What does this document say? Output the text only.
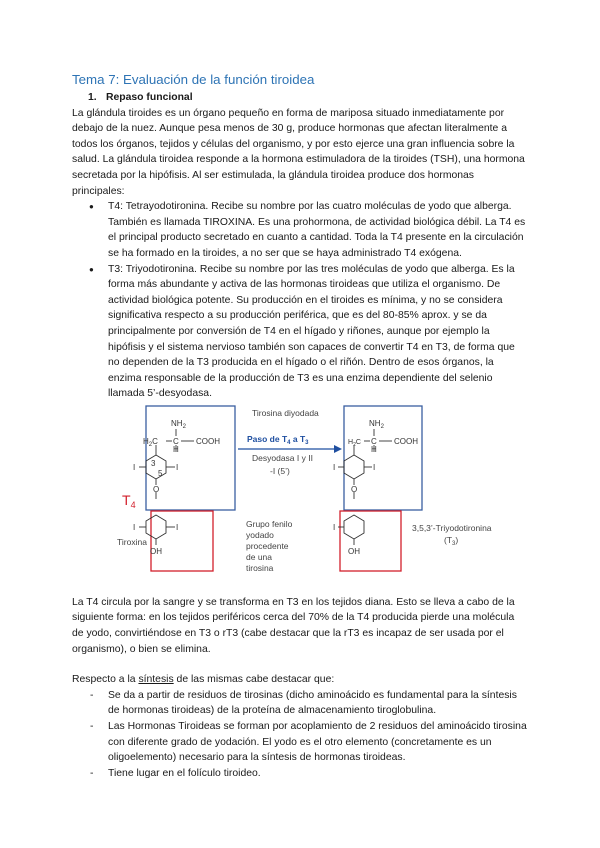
Tema 7: Evaluación de la función tiroidea
1. Repaso funcional

La glándula tiroides es un órgano pequeño en forma de mariposa situado inmediatamente por debajo de la nuez. Aunque pesa menos de 30 g, produce hormonas que afectan literalmente a todos los órganos, tejidos y células del organismo, y por esto ejerce una gran influencia sobre la salud. La glándula tiroidea responde a la hormona estimuladora de la tiroides (TSH), una hormona secretada por la hipófisis. Al ser estimulada, la glándula tiroidea produce dos hormonas principales:

● T4: Tetrayodotironina. Recibe su nombre por las cuatro moléculas de yodo que alberga. También es llamada TIROXINA. Es una prohormona, de actividad biológica débil. La T4 es el principal producto secretado en cuanto a cantidad. Toda la T4 presente en la circulación se ha formado en la tiroides, a no ser que se haya administrado T4 exógena.
● T3: Triyodotironina. Recibe su nombre por las tres moléculas de yodo que alberga. Es la forma más abundante y activa de las hormonas tiroideas que utiliza el organismo. De actividad biológica potente. Su producción en el tiroides es mínima, y no se considera significativa respecto a su producción periférica, que es del 80-85% aprox. y se da principalmente por conversión de T4 en el hígado y riñones, aunque por ejemplo la hipófisis y el sistema nervioso también son capaces de convertir T4 en T3, de forma que no dependen de la T3 producida en el hígado o el riñón. Dentro de esos órganos, la enzima responsable de la producción de T3 es una enzima dependiente del selenio llamada 5’-desyodasa.
$NH_2$
$H_2C$ C
H
COOH
I
I 3
5
O
I
I
OH
$T_4$
Tiroxina
Tirosina diyodada
Paso de $T_4$ a $T_3$
Desyodasa I y II
-I (5’)
Grupo fenilo
yodado
procedente
de una
tirosina
$NH_2$
$H_2C$ C
H
COOH
I
I
O
I
OH
3,5,3’-Triyodotironina
$(T_3)$

La T4 circula por la sangre y se transforma en T3 en los tejidos diana. Esto se lleva a cabo de la siguiente forma: en los tejidos periféricos cerca del 70% de la T4 producida pierde una molécula de yodo, convirtiéndose en T3 o rT3 (cabe destacar que la rT3 es incapaz de ser usada por el organismo), o bien se elimina.

Respecto a la síntesis de las mismas cabe destacar que:

- Se da a partir de residuos de tirosinas (dicho aminoácido es fundamental para la síntesis de hormonas tiroideas) de la proteína de almacenamiento tiroglobulina.
- Las Hormonas Tiroideas se forman por acoplamiento de 2 residuos del aminoácido tirosina con diferente grado de yodación. El yodo es el otro elemento (concretamente es un oligoelemento) necesario para la síntesis de hormonas tiroideas.
- Tiene lugar en el folículo tiroideo.
